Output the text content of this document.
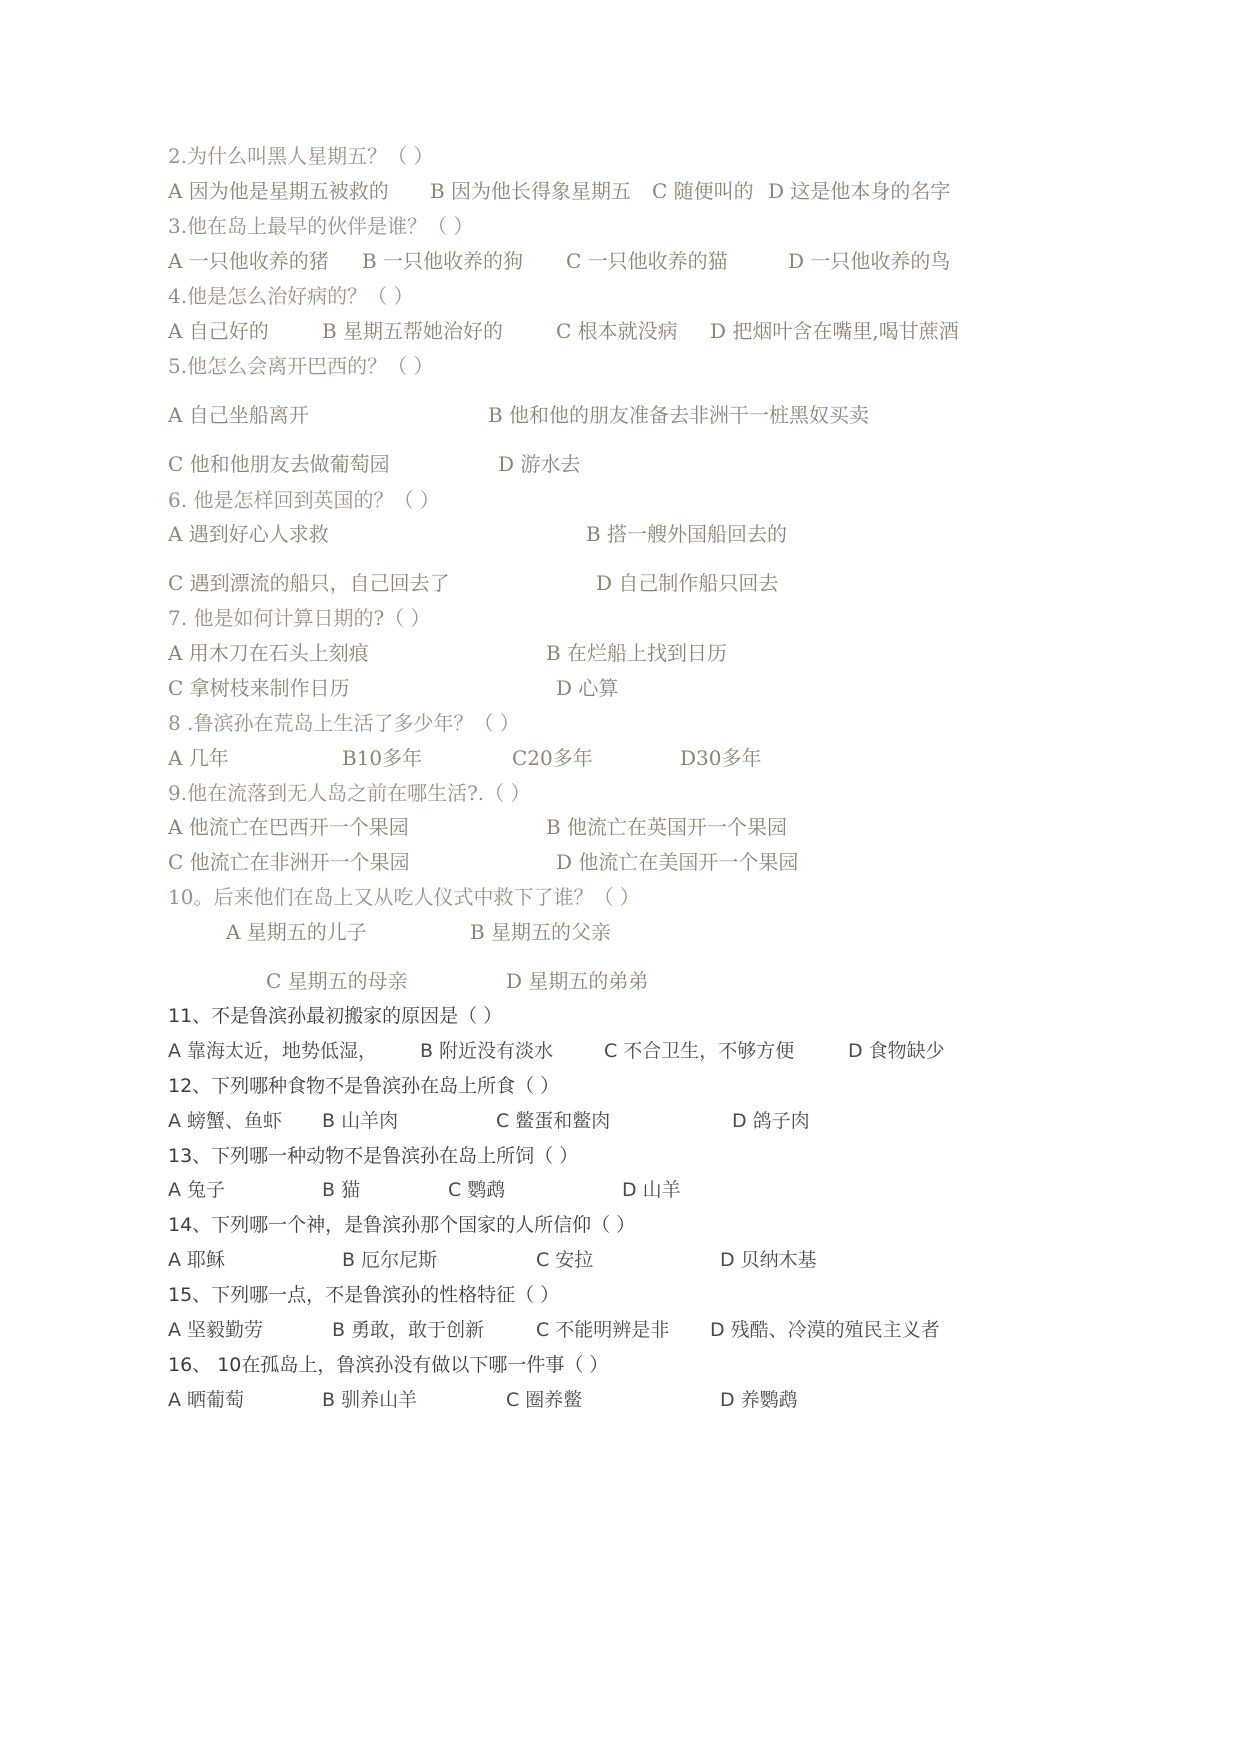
2.为什么叫黑人星期五？（ ）
A 因为他是星期五被救的 B 因为他长得象星期五 C 随便叫的 D 这是他本身的名字
3.他在岛上最早的伙伴是谁？（ ）
A 一只他收养的猪 B 一只他收养的狗 C 一只他收养的猫	D 一只他收养的鸟
4.他是怎么治好病的？（ ）
A 自己好的	B 星期五帮她治好的	C 根本就没病 D 把烟叶含在嘴里,喝甘蔗酒
5.他怎么会离开巴西的？（ ）
A 自己坐船离开	B 他和他的朋友准备去非洲干一桩黑奴买卖
C 他和他朋友去做葡萄园	D 游水去
6. 他是怎样回到英国的？（ ）
A 遇到好心人求救	B 搭一艘外国船回去的
C 遇到漂流的船只，自己回去了	D 自己制作船只回去
7. 他是如何计算日期的?（ ）
A 用木刀在石头上刻痕	B 在烂船上找到日历
C 拿树枝来制作日历	D 心算
8 .鲁滨孙在荒岛上生活了多少年？（ ）
A 几年	B10多年	C20多年	D30多年
9.他在流落到无人岛之前在哪生活?.（ ）
A 他流亡在巴西开一个果园	B 他流亡在英国开一个果园
C 他流亡在非洲开一个果园	D 他流亡在美国开一个果园
10。后来他们在岛上又从吃人仪式中救下了谁？（ ）
A 星期五的儿子	B 星期五的父亲
C 星期五的母亲	D 星期五的弟弟
11、不是鲁滨孙最初搬家的原因是（ ）
A 靠海太近，地势低湿， B 附近没有淡水	C 不合卫生，不够方便	D 食物缺少
12、下列哪种食物不是鲁滨孙在岛上所食（ ）
A 螃蟹、鱼虾 B 山羊肉	C 鳖蛋和鳖肉	D 鸽子肉
13、下列哪一种动物不是鲁滨孙在岛上所饲（ ）
A 兔子	B 猫	C 鹦鹉	D 山羊
14、下列哪一个神，是鲁滨孙那个国家的人所信仰（ ）
A 耶稣	B 厄尔尼斯	C 安拉	D 贝纳木基
15、下列哪一点，不是鲁滨孙的性格特征（ ）
A 坚毅勤劳	B 勇敢，敢于创新	C 不能明辨是非 D 残酷、冷漠的殖民主义者
16、 10在孤岛上，鲁滨孙没有做以下哪一件事（ ）
A 晒葡萄	B 驯养山羊	C 圈养鳖	D 养鹦鹉
